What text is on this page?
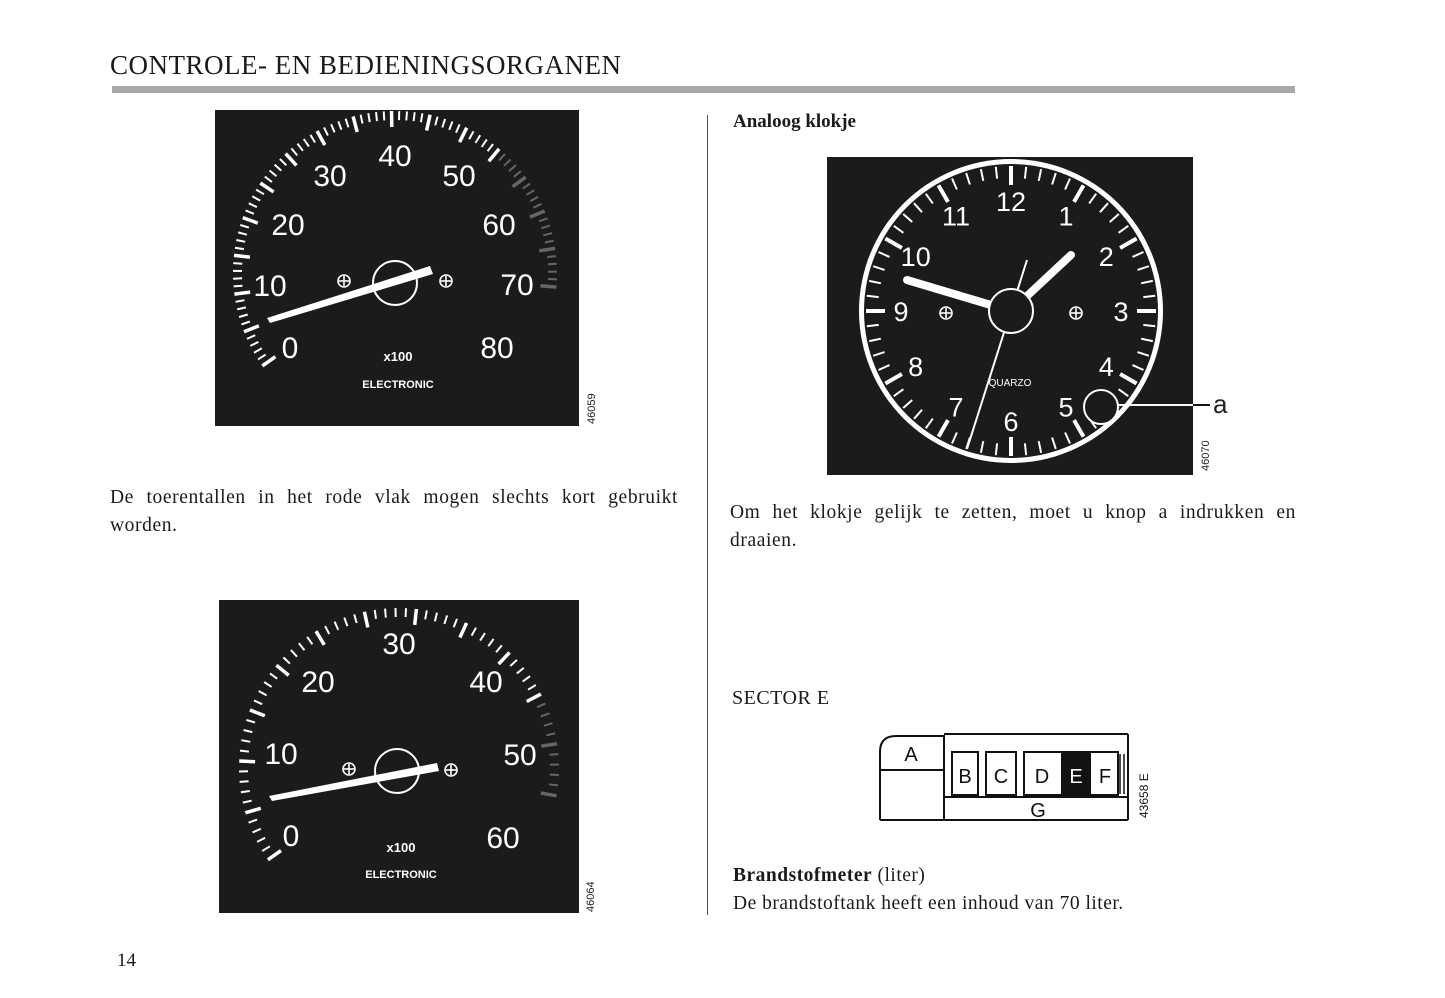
CONTROLE- EN BEDIENINGSORGANEN
0
10
20
30
40
50
60
70
80
x100
ELECTRONIC
46059
De toerentallen in het rode vlak mogen slechts kort gebruikt worden.
0
10
20
30
40
50
60
x100
ELECTRONIC
46064
14
Analoog klokje
12 1
2
3
4
5
6
7
8
9
10
11
QUARZO
a
46070
Om het klokje gelijk te zetten, moet u knop a indrukken en draaien.
SECTOR E
A
B C D E F
G	43658 E
Brandstofmeter (liter)
De brandstoftank heeft een inhoud van 70 liter.
